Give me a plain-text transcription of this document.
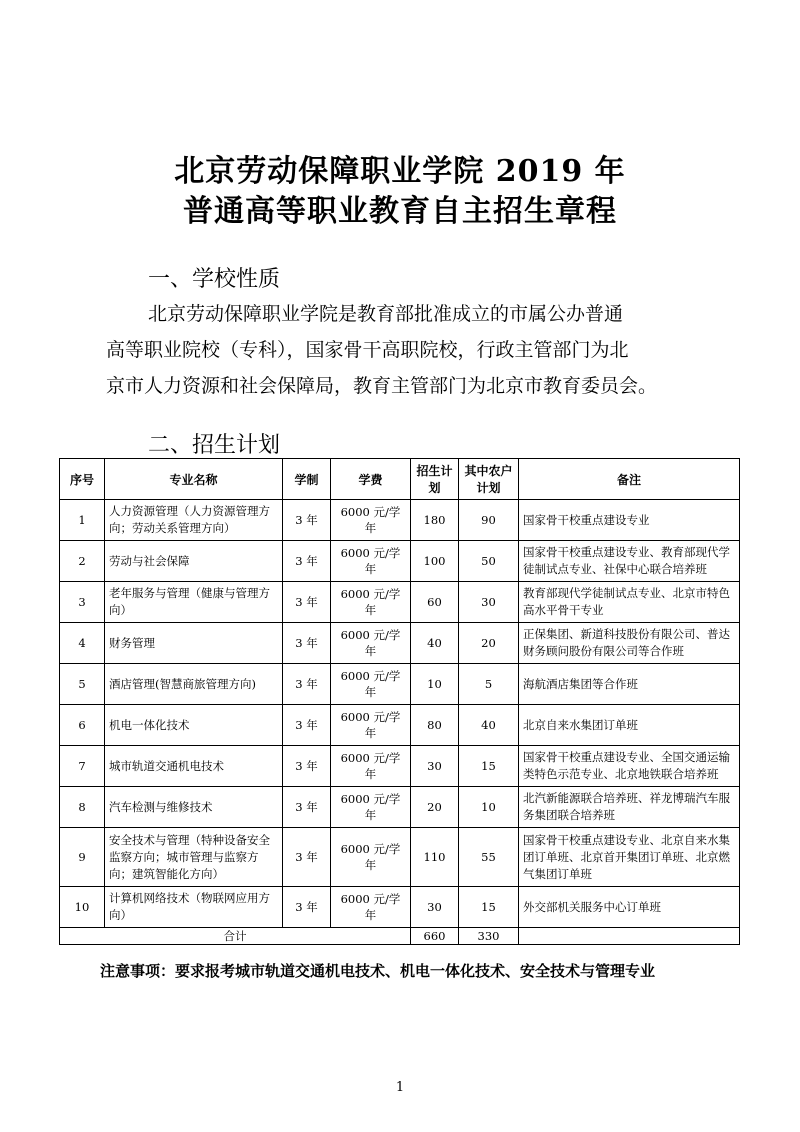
北京劳动保障职业学院 2019 年
普通高等职业教育自主招生章程
一、学校性质
北京劳动保障职业学院是教育部批准成立的市属公办普通
高等职业院校（专科），国家骨干高职院校，行政主管部门为北
京市人力资源和社会保障局，教育主管部门为北京市教育委员会。
二、招生计划
序号	专业名称	学制	学费	招生计划	其中农户计划	备注
1	人力资源管理（人力资源管理方向；劳动关系管理方向）	3 年	6000 元/学年	180	90	国家骨干校重点建设专业
2	劳动与社会保障	3 年	6000 元/学年	100	50	国家骨干校重点建设专业、教育部现代学徒制试点专业、社保中心联合培养班
3	老年服务与管理（健康与管理方向）	3 年	6000 元/学年	60	30	教育部现代学徒制试点专业、北京市特色高水平骨干专业
4	财务管理	3 年	6000 元/学年	40	20	正保集团、新道科技股份有限公司、普达财务顾问股份有限公司等合作班
5	酒店管理(智慧商旅管理方向)	3 年	6000 元/学年	10	5	海航酒店集团等合作班
6	机电一体化技术	3 年	6000 元/学年	80	40	北京自来水集团订单班
7	城市轨道交通机电技术	3 年	6000 元/学年	30	15	国家骨干校重点建设专业、全国交通运输类特色示范专业、北京地铁联合培养班
8	汽车检测与维修技术	3 年	6000 元/学年	20	10	北汽新能源联合培养班、祥龙博瑞汽车服务集团联合培养班
9	安全技术与管理（特种设备安全监察方向；城市管理与监察方向；建筑智能化方向）	3 年	6000 元/学年	110	55	国家骨干校重点建设专业、北京自来水集团订单班、北京首开集团订单班、北京燃气集团订单班
10	计算机网络技术（物联网应用方向）	3 年	6000 元/学年	30	15	外交部机关服务中心订单班
合计				660	330	
注意事项：要求报考城市轨道交通机电技术、机电一体化技术、安全技术与管理专业
1
